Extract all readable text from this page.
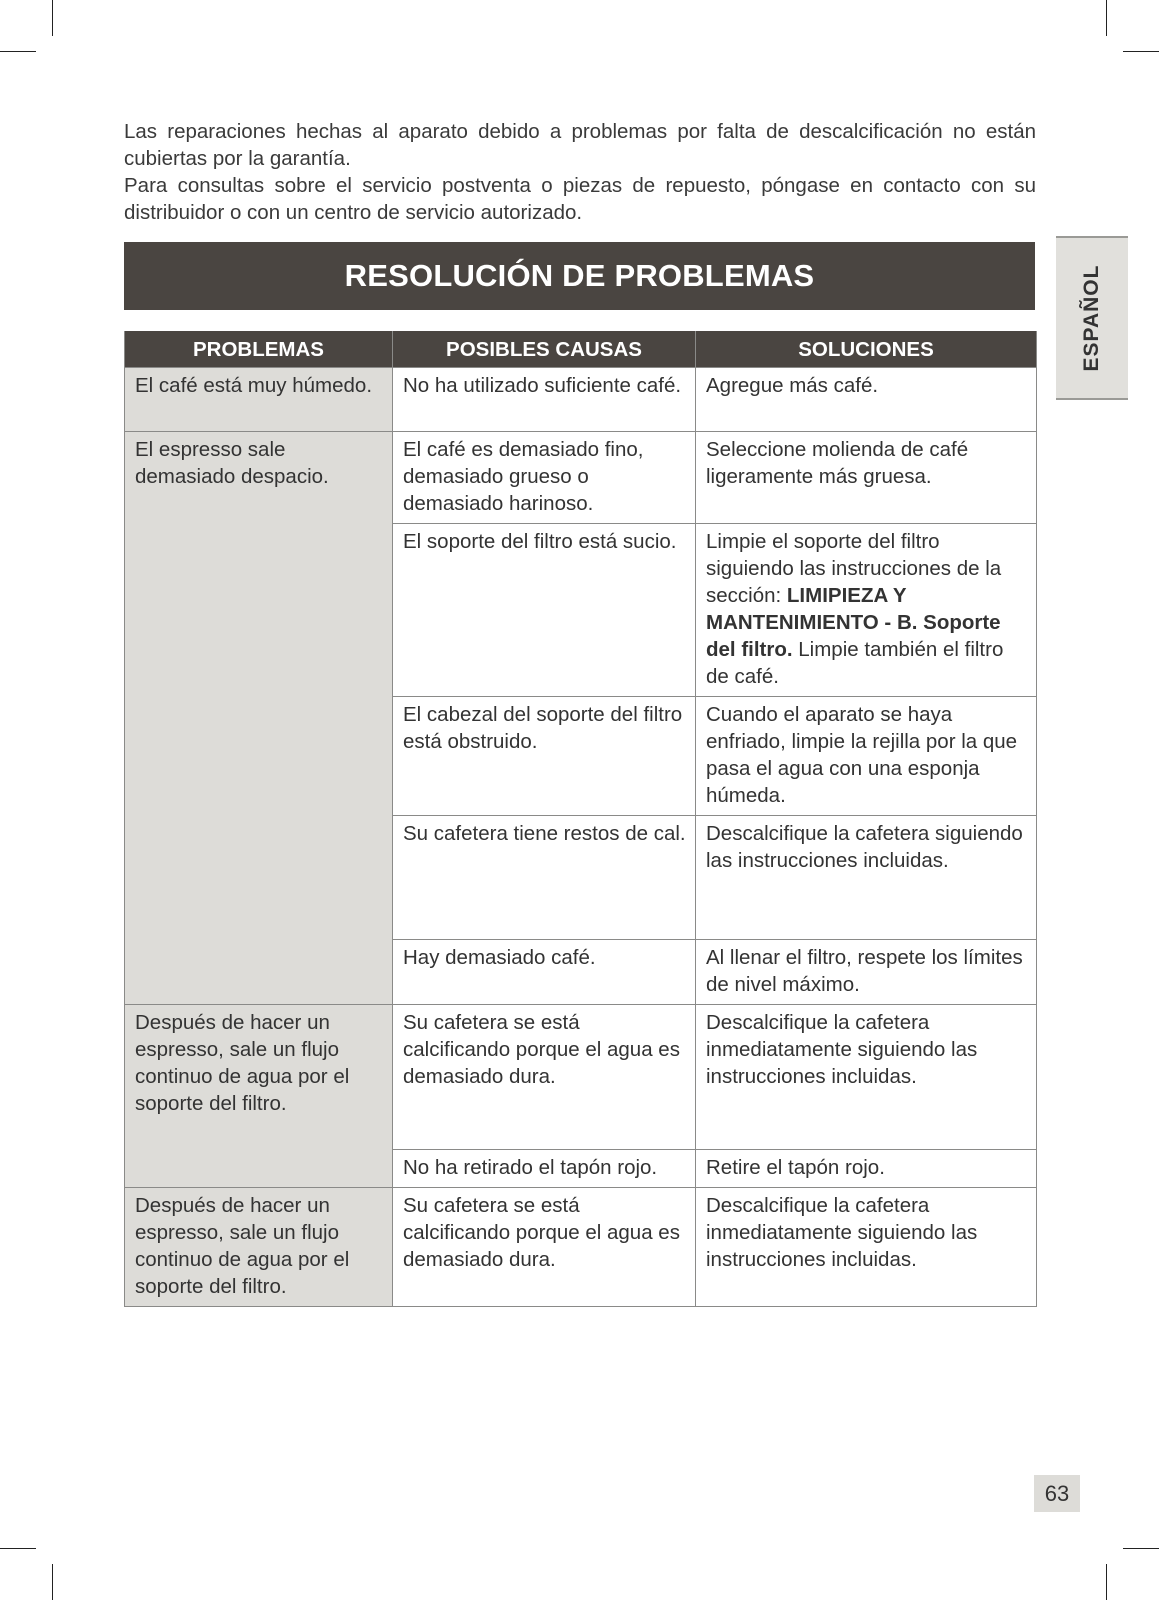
Las reparaciones hechas al aparato debido a problemas por falta de descalcificación no están cubiertas por la garantía.

Para consultas sobre el servicio postventa o piezas de repuesto, póngase en contacto con su distribuidor o con un centro de servicio autorizado.

RESOLUCIÓN DE PROBLEMAS	ESPAÑOL
PROBLEMAS	POSIBLES CAUSAS	SOLUCIONES
El café está muy húmedo.	No ha utilizado suficiente café.	Agregue más café.
El espresso sale demasiado despacio.	El café es demasiado fino, demasiado grueso o demasiado harinoso.	Seleccione molienda de café ligeramente más gruesa.
	El soporte del filtro está sucio.	Limpie el soporte del filtro siguiendo las instrucciones de la sección: LIMIPIEZA Y MANTENIMIENTO - B. Soporte del filtro. Limpie también el filtro de café.
	El cabezal del soporte del filtro está obstruido.	Cuando el aparato se haya enfriado, limpie la rejilla por la que pasa el agua con una esponja húmeda.
	Su cafetera tiene restos de cal.	Descalcifique la cafetera siguiendo las instrucciones incluidas.
	Hay demasiado café.	Al llenar el filtro, respete los límites de nivel máximo.
Después de hacer un espresso, sale un flujo continuo de agua por el soporte del filtro.	Su cafetera se está calcificando porque el agua es demasiado dura.	Descalcifique la cafetera inmediatamente siguiendo las instrucciones incluidas.
	No ha retirado el tapón rojo.	Retire el tapón rojo.
Después de hacer un espresso, sale un flujo continuo de agua por el soporte del filtro.	Su cafetera se está calcificando porque el agua es demasiado dura.	Descalcifique la cafetera inmediatamente siguiendo las instrucciones incluidas.
63
